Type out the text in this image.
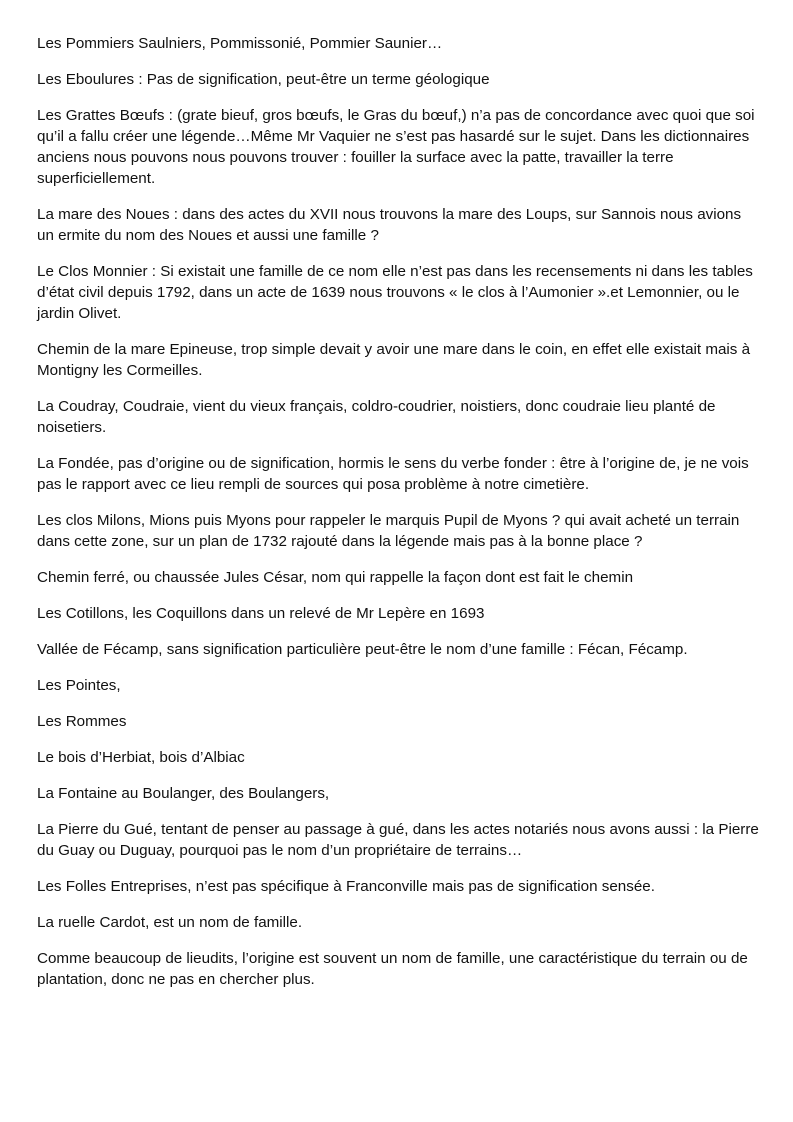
Les Pommiers Saulniers, Pommissonié, Pommier Saunier…

Les Eboulures : Pas de signification, peut-être un terme géologique

Les Grattes Bœufs : (grate bieuf, gros bœufs, le Gras du bœuf,) n’a pas de concordance avec quoi que soi qu’il a fallu créer une légende…Même Mr Vaquier ne s’est pas hasardé sur le sujet. Dans les dictionnaires anciens nous pouvons nous pouvons trouver : fouiller la surface avec la patte, travailler la terre superficiellement.

La mare des Noues : dans des actes du XVII nous trouvons la mare des Loups, sur Sannois nous avions un ermite du nom des Noues et aussi une famille ?

Le Clos Monnier : Si existait une famille de ce nom elle n’est pas dans les recensements ni dans les tables d’état civil depuis 1792, dans un acte de 1639 nous trouvons « le clos à l’Aumonier ».et Lemonnier, ou le jardin Olivet.

Chemin de la mare Epineuse, trop simple devait y avoir une mare dans le coin, en effet elle existait mais à Montigny les Cormeilles.

La Coudray, Coudraie, vient du vieux français, coldro-coudrier, noistiers, donc coudraie lieu planté de noisetiers.

La Fondée, pas d’origine ou de signification, hormis le sens du verbe fonder : être à l’origine de, je ne vois pas le rapport avec ce lieu rempli de sources qui posa problème à notre cimetière.

Les clos Milons, Mions puis Myons pour rappeler le marquis Pupil de Myons ? qui avait acheté un terrain dans cette zone, sur un plan de 1732 rajouté dans la légende mais pas à la bonne place ?

Chemin ferré, ou chaussée Jules César, nom qui rappelle la façon dont est fait le chemin

Les Cotillons, les Coquillons dans un relevé de Mr Lepère en 1693

Vallée de Fécamp, sans signification particulière peut-être le nom d’une famille : Fécan, Fécamp.

Les Pointes,

Les Rommes

Le bois d’Herbiat, bois d’Albiac

La Fontaine au Boulanger, des Boulangers,

La Pierre du Gué, tentant de penser au passage à gué, dans les actes notariés nous avons aussi : la Pierre du Guay ou Duguay, pourquoi pas le nom d’un propriétaire de terrains…

Les Folles Entreprises, n’est pas spécifique à Franconville mais pas de signification sensée.

La ruelle Cardot, est un nom de famille.

Comme beaucoup de lieudits, l’origine est souvent un nom de famille, une caractéristique du terrain ou de plantation, donc ne pas en chercher plus.
